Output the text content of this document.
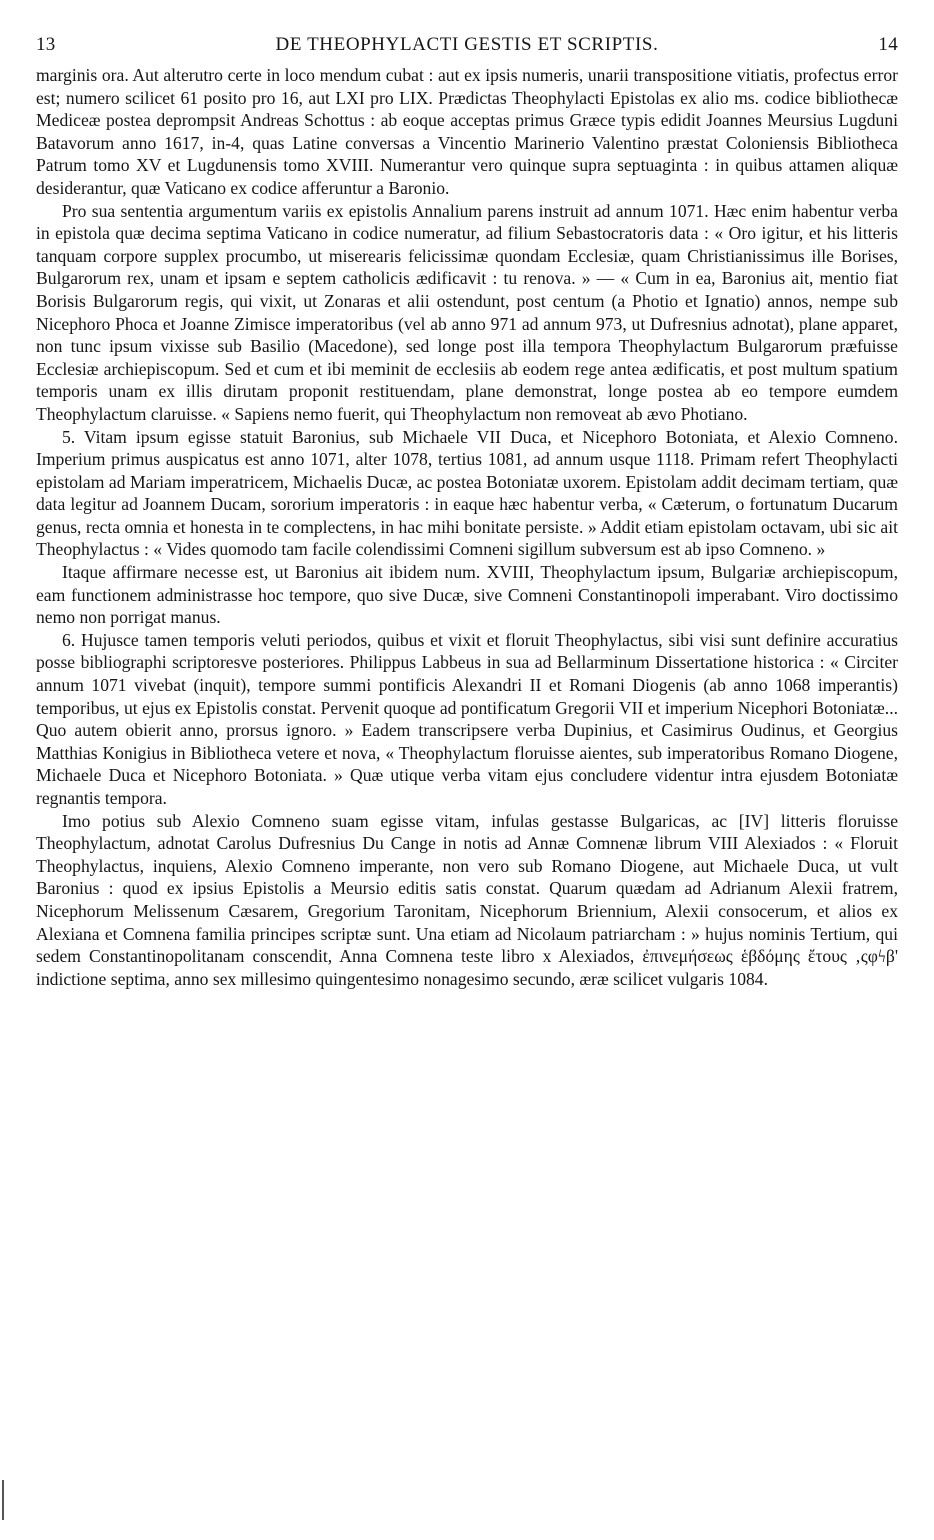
13	DE THEOPHYLACTI GESTIS ET SCRIPTIS.	14

marginis ora. Aut alterutro certe in loco mendum cubat : aut ex ipsis numeris, unarii transpositione vitiatis, profectus error est; numero scilicet 61 posito pro 16, aut LXI pro LIX. Prædictas Theophylacti Epistolas ex alio ms. codice bibliothecæ Mediceæ postea deprompsit Andreas Schottus : ab eoque acceptas primus Græce typis edidit Joannes Meursius Lugduni Batavorum anno 1617, in-4, quas Latine conversas a Vincentio Marinerio Valentino præstat Coloniensis Bibliotheca Patrum tomo XV et Lugdunensis tomo XVIII. Numerantur vero quinque supra septuaginta : in quibus attamen aliquæ desiderantur, quæ Vaticano ex codice afferuntur a Baronio.

Pro sua sententia argumentum variis ex epistolis Annalium parens instruit ad annum 1071. Hæc enim habentur verba in epistola quæ decima septima Vaticano in codice numeratur, ad filium Sebastocratoris data : « Oro igitur, et his litteris tanquam corpore supplex procumbo, ut miserearis felicissimæ quondam Ecclesiæ, quam Christianissimus ille Borises, Bulgarorum rex, unam et ipsam e septem catholicis ædificavit : tu renova. » — « Cum in ea, Baronius ait, mentio fiat Borisis Bulgarorum regis, qui vixit, ut Zonaras et alii ostendunt, post centum (a Photio et Ignatio) annos, nempe sub Nicephoro Phoca et Joanne Zimisce imperatoribus (vel ab anno 971 ad annum 973, ut Dufresnius adnotat), plane apparet, non tunc ipsum vixisse sub Basilio (Macedone), sed longe post illa tempora Theophylactum Bulgarorum præfuisse Ecclesiæ archiepiscopum. Sed et cum et ibi meminit de ecclesiis ab eodem rege antea ædificatis, et post multum spatium temporis unam ex illis dirutam proponit restituendam, plane demonstrat, longe postea ab eo tempore eumdem Theophylactum claruisse. « Sapiens nemo fuerit, qui Theophylactum non removeat ab ævo Photiano.

5. Vitam ipsum egisse statuit Baronius, sub Michaele VII Duca, et Nicephoro Botoniata, et Alexio Comneno. Imperium primus auspicatus est anno 1071, alter 1078, tertius 1081, ad annum usque 1118. Primam refert Theophylacti epistolam ad Mariam imperatricem, Michaelis Ducæ, ac postea Botoniatæ uxorem. Epistolam addit decimam tertiam, quæ data legitur ad Joannem Ducam, sororium imperatoris : in eaque hæc habentur verba, « Cæterum, o fortunatum Ducarum genus, recta omnia et honesta in te complectens, in hac mihi bonitate persiste. » Addit etiam epistolam octavam, ubi sic ait Theophylactus : « Vides quomodo tam facile colendissimi Comneni sigillum subversum est ab ipso Comneno. »

Itaque affirmare necesse est, ut Baronius ait ibidem num. XVIII, Theophylactum ipsum, Bulgariæ archiepiscopum, eam functionem administrasse hoc tempore, quo sive Ducæ, sive Comneni Constantinopoli imperabant. Viro doctissimo nemo non porrigat manus.

6. Hujusce tamen temporis veluti periodos, quibus et vixit et floruit Theophylactus, sibi visi sunt definire accuratius posse bibliographi scriptoresve posteriores. Philippus Labbeus in sua ad Bellarminum Dissertatione historica : « Circiter annum 1071 vivebat (inquit), tempore summi pontificis Alexandri II et Romani Diogenis (ab anno 1068 imperantis) temporibus, ut ejus ex Epistolis constat. Pervenit quoque ad pontificatum Gregorii VII et imperium Nicephori Botoniatæ... Quo autem obierit anno, prorsus ignoro. » Eadem transcripsere verba Dupinius, et Casimirus Oudinus, et Georgius Matthias Konigius in Bibliotheca vetere et nova, « Theophylactum floruisse aientes, sub imperatoribus Romano Diogene, Michaele Duca et Nicephoro Botoniata. » Quæ utique verba vitam ejus concludere videntur intra ejusdem Botoniatæ regnantis tempora.

Imo potius sub Alexio Comneno suam egisse vitam, infulas gestasse Bulgaricas, ac [IV] litteris floruisse Theophylactum, adnotat Carolus Dufresnius Du Cange in notis ad Annæ Comnenæ librum VIII Alexiados : « Floruit Theophylactus, inquiens, Alexio Comneno imperante, non vero sub Romano Diogene, aut Michaele Duca, ut vult Baronius : quod ex ipsius Epistolis a Meursio editis satis constat. Quarum quædam ad Adrianum Alexii fratrem, Nicephorum Melissenum Cæsarem, Gregorium Taronitam, Nicephorum Briennium, Alexii consocerum, et alios ex Alexiana et Comnena familia principes scriptæ sunt. Una etiam ad Nicolaum patriarcham : » hujus nominis Tertium, qui sedem Constantinopolitanam conscendit, Anna Comnena teste libro x Alexiados, ἐπινεμήσεως ἑβδόμης ἔτους ‚ςφϟβ' indictione septima, anno sex millesimo quingentesimo nonagesimo secundo, æræ scilicet vulgaris 1084.
